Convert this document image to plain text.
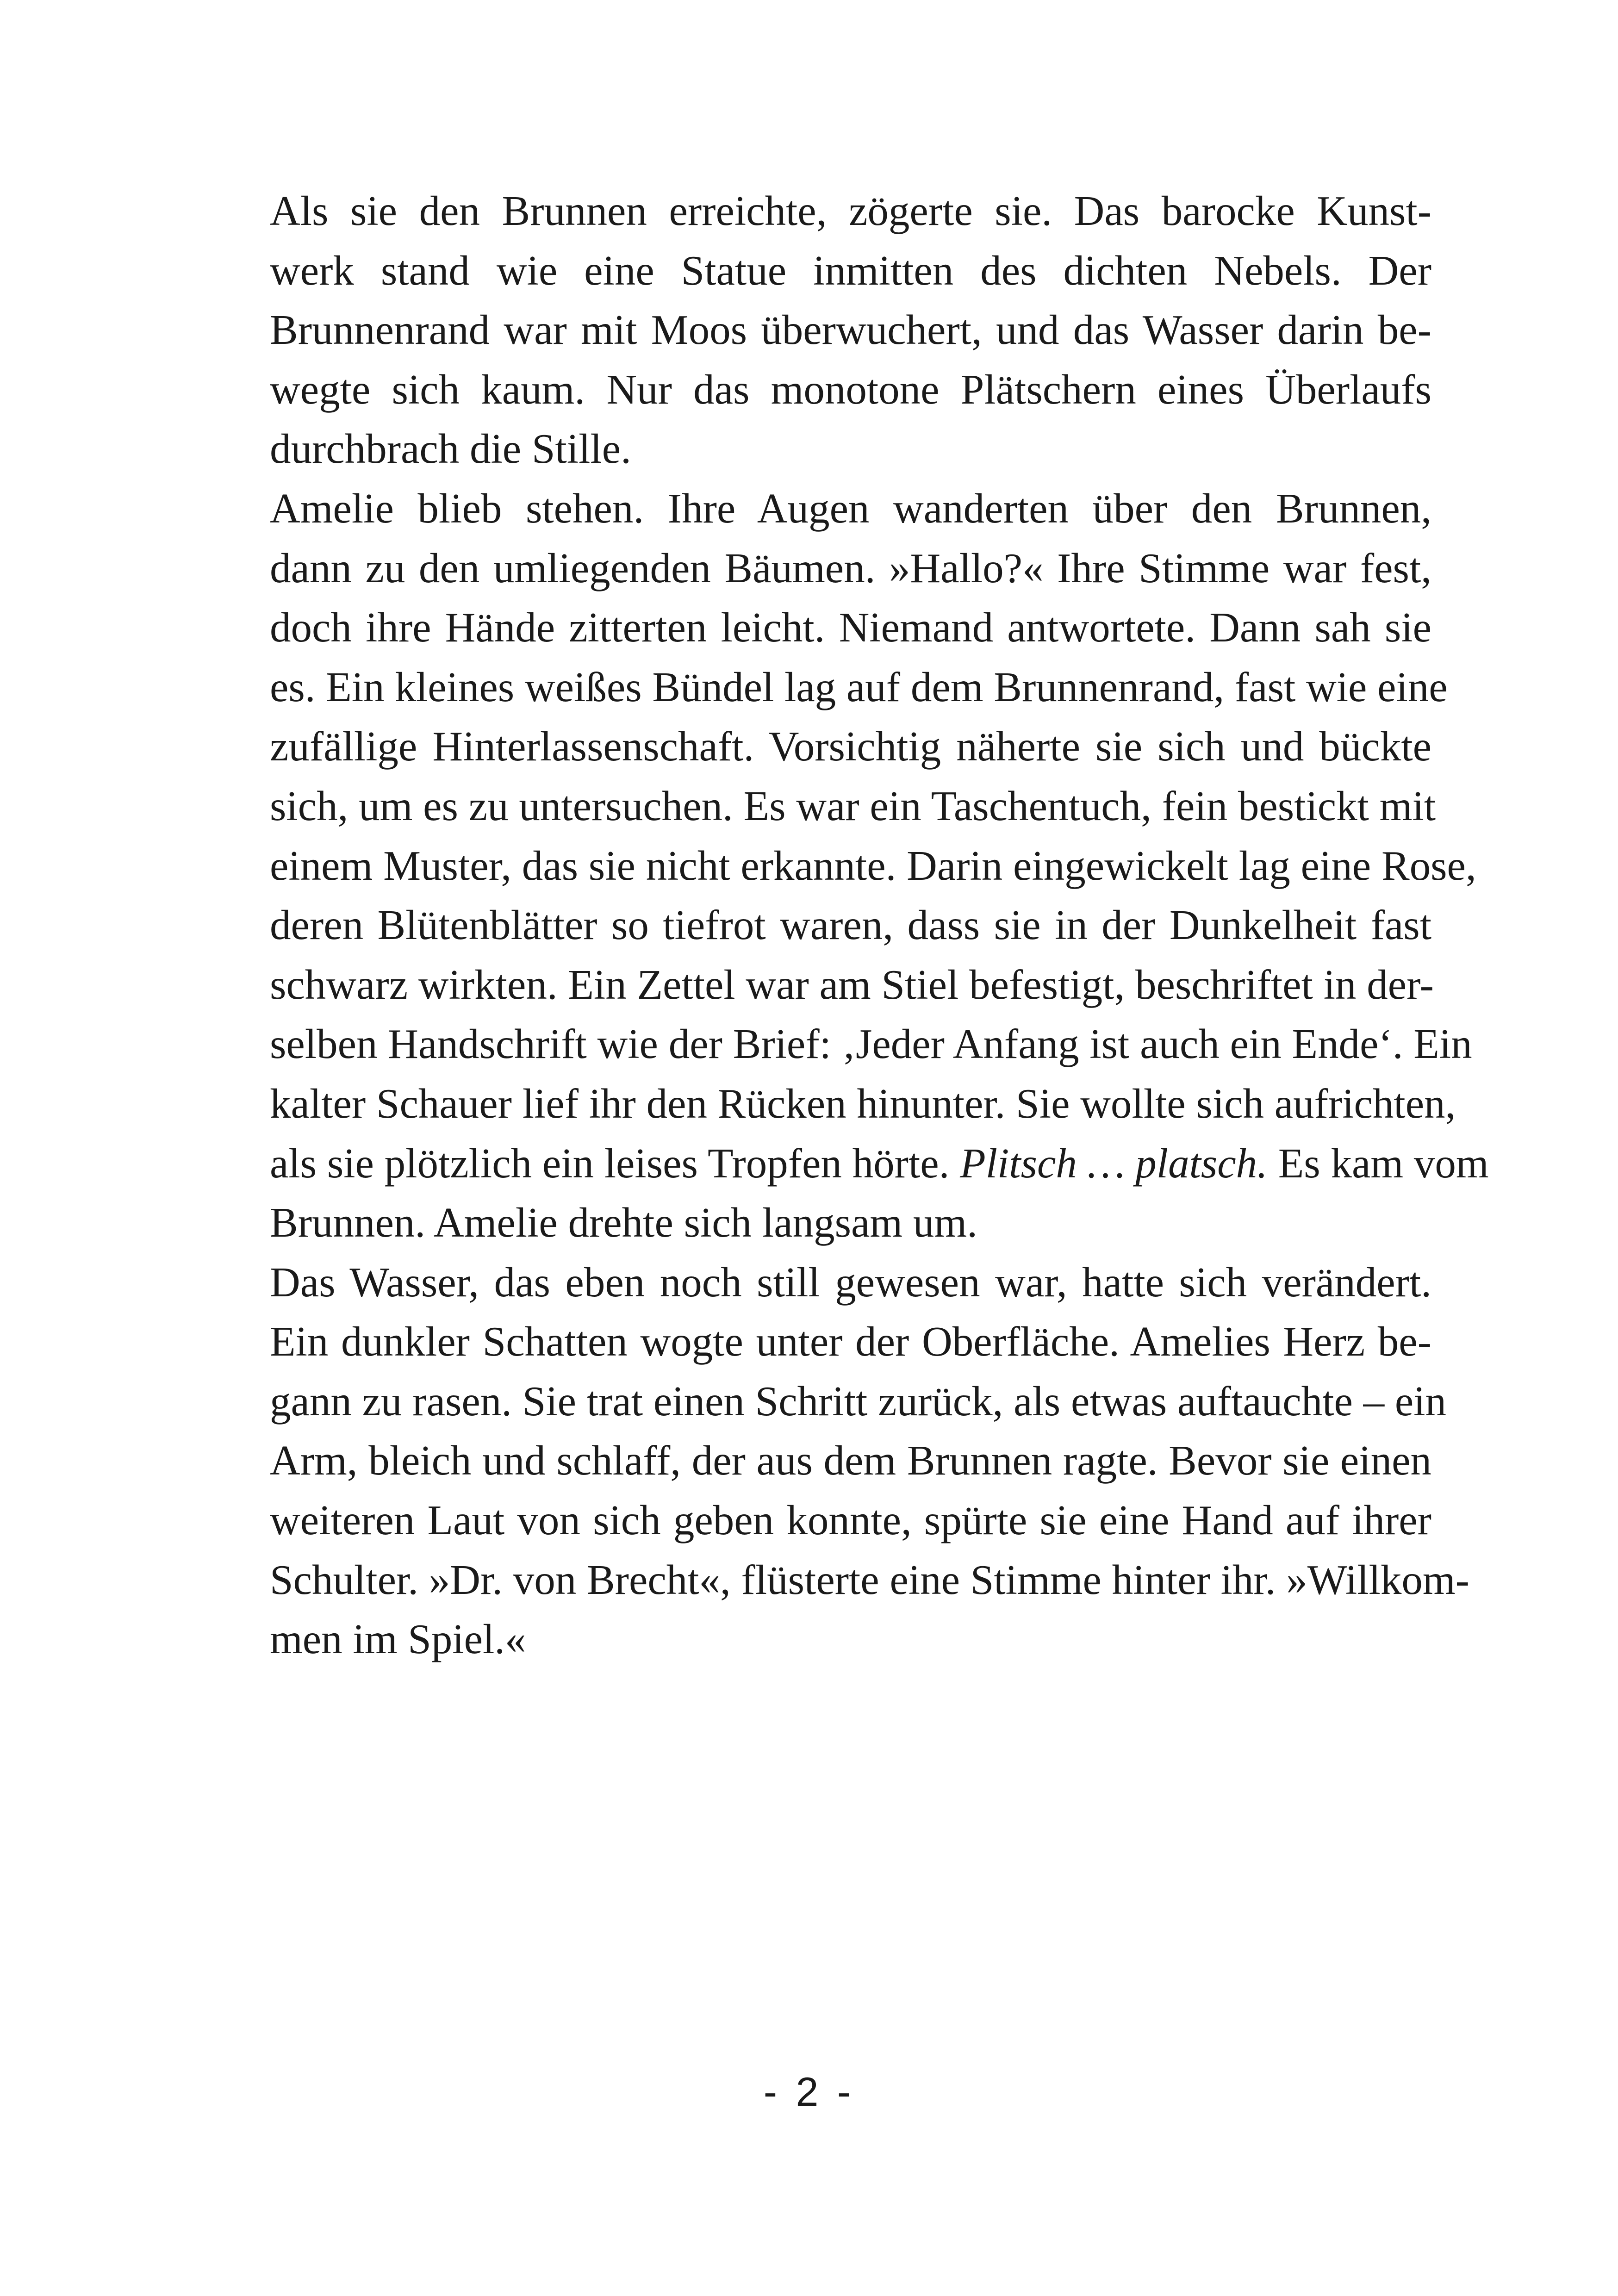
Als sie den Brunnen erreichte, zögerte sie. Das barocke Kunst-
werk stand wie eine Statue inmitten des dichten Nebels. Der
Brunnenrand war mit Moos überwuchert, und das Wasser darin be-
wegte sich kaum. Nur das monotone Plätschern eines Überlaufs
durchbrach die Stille.

Amelie blieb stehen. Ihre Augen wanderten über den Brunnen,
dann zu den umliegenden Bäumen. »Hallo?« Ihre Stimme war fest,
doch ihre Hände zitterten leicht. Niemand antwortete. Dann sah sie
es. Ein kleines weißes Bündel lag auf dem Brunnenrand, fast wie eine
zufällige Hinterlassenschaft. Vorsichtig näherte sie sich und bückte
sich, um es zu untersuchen. Es war ein Taschentuch, fein bestickt mit
einem Muster, das sie nicht erkannte. Darin eingewickelt lag eine Rose,
deren Blütenblätter so tiefrot waren, dass sie in der Dunkelheit fast
schwarz wirkten. Ein Zettel war am Stiel befestigt, beschriftet in der-
selben Handschrift wie der Brief: ‚Jeder Anfang ist auch ein Ende‘. Ein
kalter Schauer lief ihr den Rücken hinunter. Sie wollte sich aufrichten,
als sie plötzlich ein leises Tropfen hörte. Plitsch … platsch. Es kam vom
Brunnen. Amelie drehte sich langsam um.

Das Wasser, das eben noch still gewesen war, hatte sich verändert.
Ein dunkler Schatten wogte unter der Oberfläche. Amelies Herz be-
gann zu rasen. Sie trat einen Schritt zurück, als etwas auftauchte – ein
Arm, bleich und schlaff, der aus dem Brunnen ragte. Bevor sie einen
weiteren Laut von sich geben konnte, spürte sie eine Hand auf ihrer
Schulter. »Dr. von Brecht«, flüsterte eine Stimme hinter ihr. »Willkom-
men im Spiel.«

- 2 -
